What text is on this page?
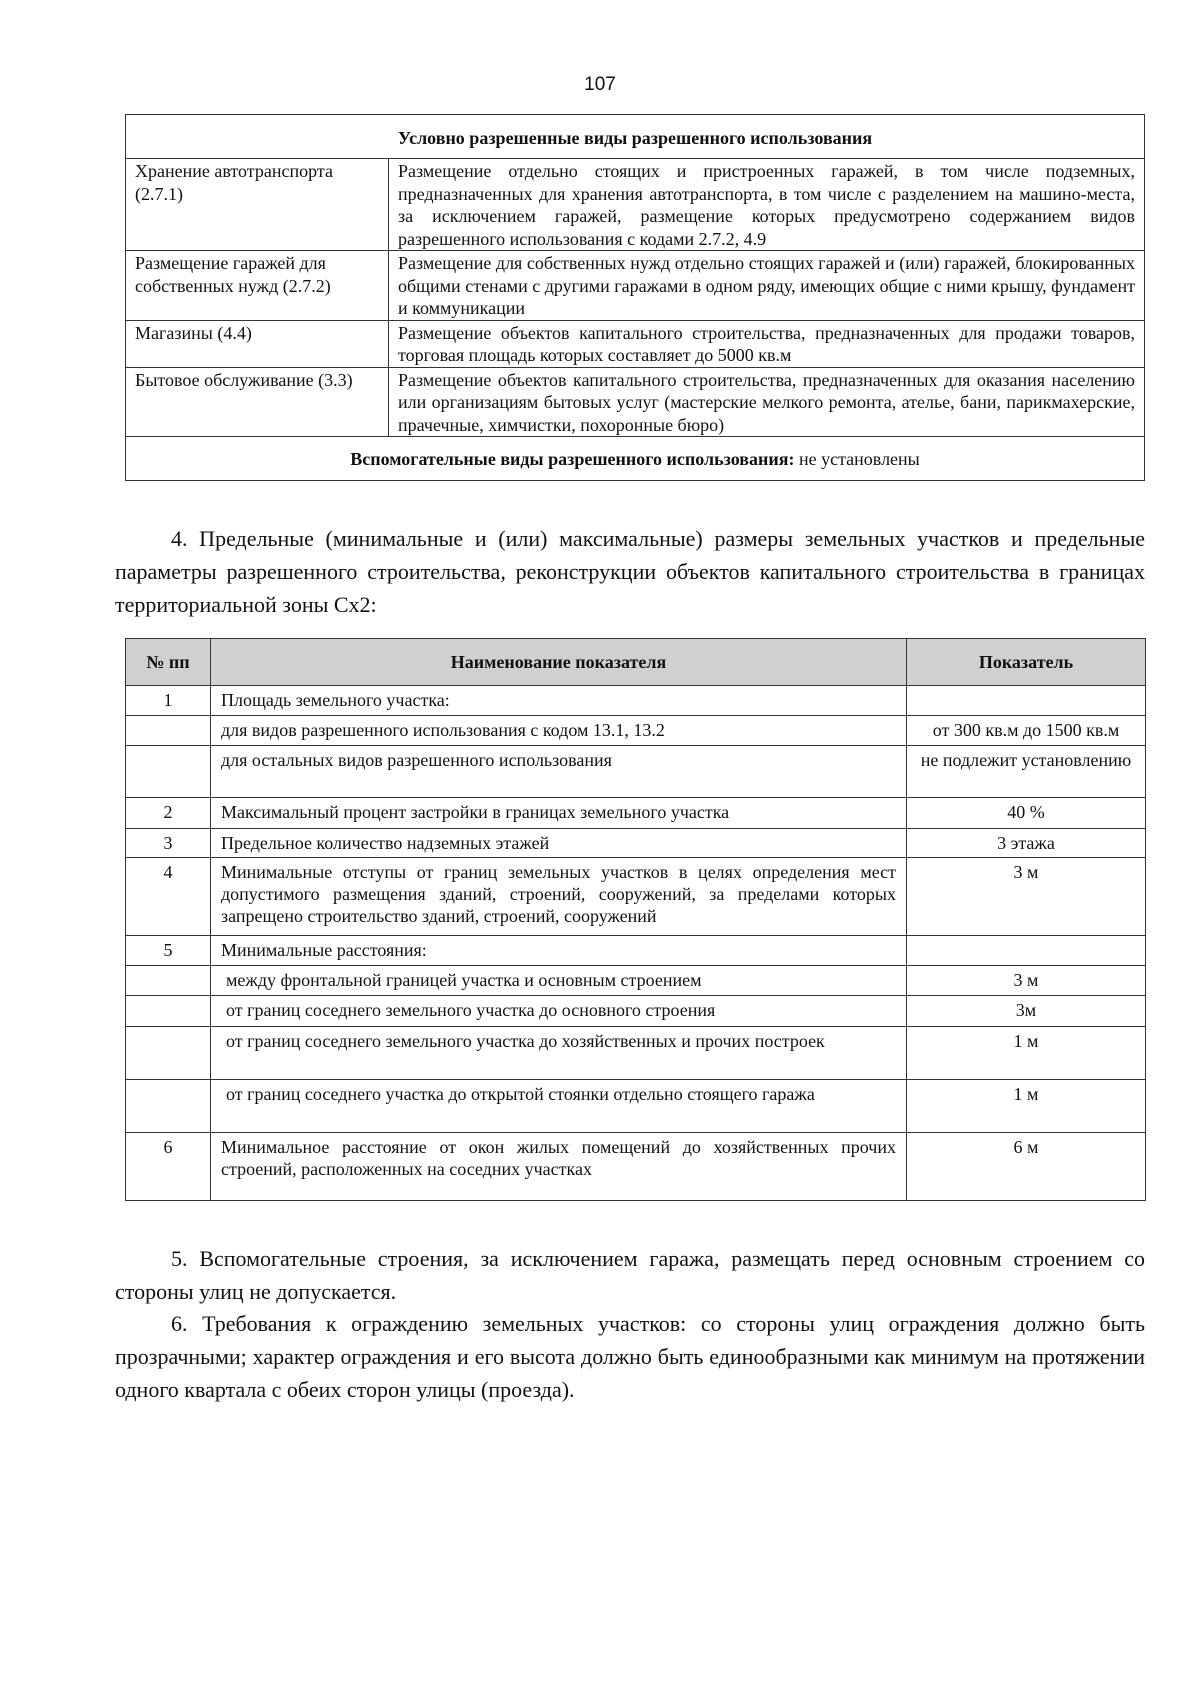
107
Условно разрешенные виды разрешенного использования	
Хранение автотранспорта (2.7.1)	Размещение отдельно стоящих и пристроенных гаражей, в том числе подземных, предназначенных для хранения автотранспорта, в том числе с разделением на машино-места, за исключением гаражей, размещение которых предусмотрено содержанием видов разрешенного использования с кодами 2.7.2, 4.9
Размещение гаражей для собственных нужд (2.7.2)	Размещение для собственных нужд отдельно стоящих гаражей и (или) гаражей, блокированных общими стенами с другими гаражами в одном ряду, имеющих общие с ними крышу, фундамент и коммуникации
Магазины (4.4)	Размещение объектов капитального строительства, предназначенных для продажи товаров, торговая площадь которых составляет до 5000 кв.м
Бытовое обслуживание (3.3)	Размещение объектов капитального строительства, предназначенных для оказания населению или организациям бытовых услуг (мастерские мелкого ремонта, ателье, бани, парикмахерские, прачечные, химчистки, похоронные бюро)
Вспомогательные виды разрешенного использования: не установлены	

4. Предельные (минимальные и (или) максимальные) размеры земельных участков и предельные параметры разрешенного строительства, реконструкции объектов капитального строительства в границах территориальной зоны Сх2:

№ пп	Наименование показателя	Показатель
1	Площадь земельного участка:	
	для видов разрешенного использования с кодом 13.1, 13.2	от 300 кв.м до 1500 кв.м
	для остальных видов разрешенного использования	не подлежит установлению
2	Максимальный процент застройки в границах земельного участка	40 %
3	Предельное количество надземных этажей	3 этажа
4	Минимальные отступы от границ земельных участков в целях определения мест допустимого размещения зданий, строений, сооружений, за пределами которых запрещено строительство зданий, строений, сооружений	3 м
5	Минимальные расстояния:	
	между фронтальной границей участка и основным строением	3 м
	от границ соседнего земельного участка до основного строения	3м
	от границ соседнего земельного участка до хозяйственных и прочих построек	1 м
	от границ соседнего участка до открытой стоянки отдельно стоящего гаража	1 м
6	Минимальное расстояние от окон жилых помещений до хозяйственных прочих строений, расположенных на соседних участках	6 м

5. Вспомогательные строения, за исключением гаража, размещать перед основным строением со стороны улиц не допускается.

6. Требования к ограждению земельных участков: со стороны улиц ограждения должно быть прозрачными; характер ограждения и его высота должно быть единообразными как минимум на протяжении одного квартала с обеих сторон улицы (проезда).
